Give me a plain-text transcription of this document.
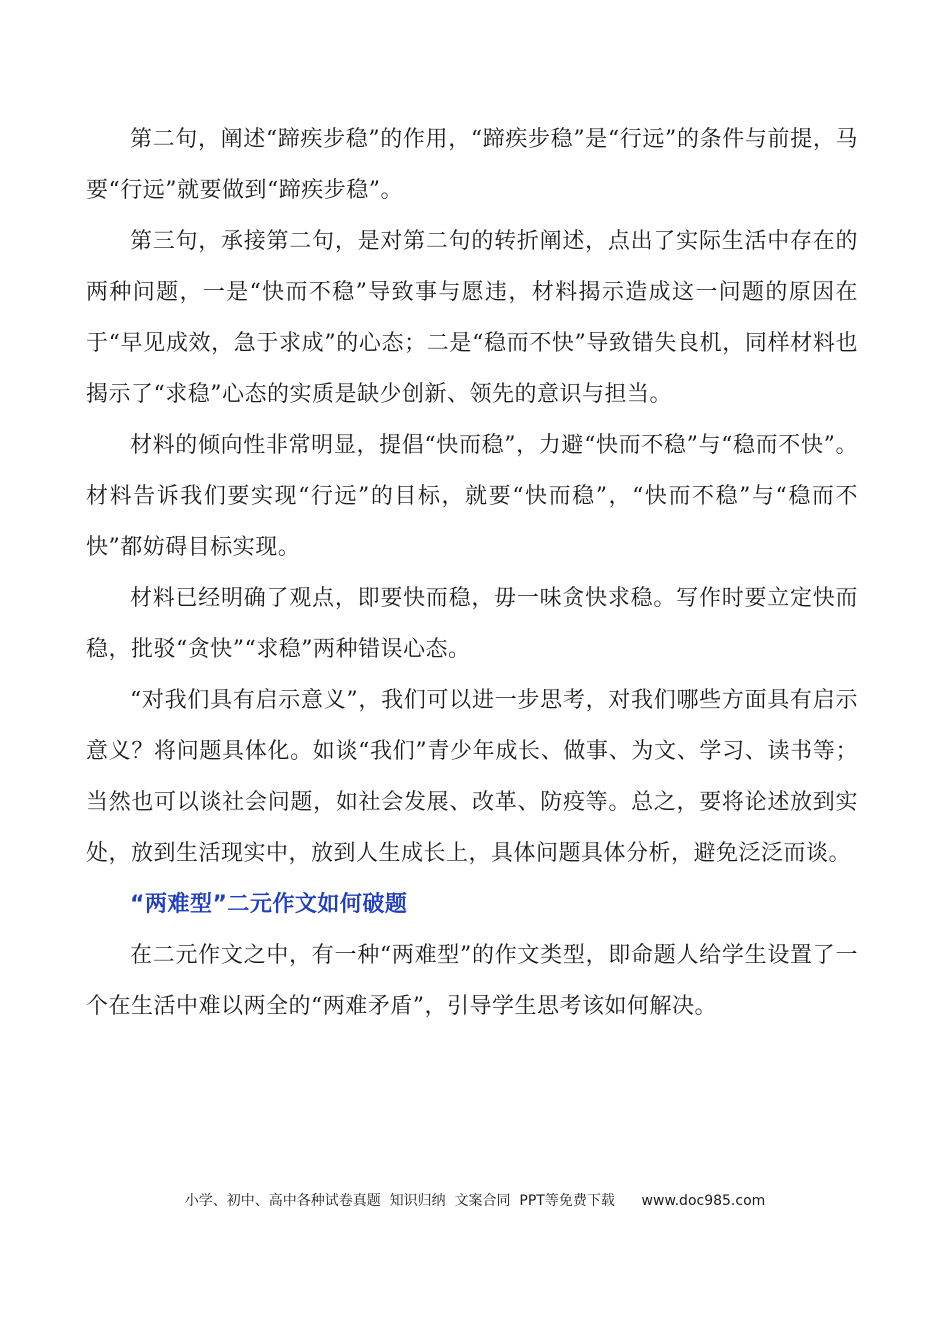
第二句，阐述“蹄疾步稳”的作用，“蹄疾步稳”是“行远”的条件与前提，马要“行远”就要做到“蹄疾步稳”。

第三句，承接第二句，是对第二句的转折阐述，点出了实际生活中存在的两种问题，一是“快而不稳”导致事与愿违，材料揭示造成这一问题的原因在于“早见成效，急于求成”的心态；二是“稳而不快”导致错失良机，同样材料也揭示了“求稳”心态的实质是缺少创新、领先的意识与担当。

材料的倾向性非常明显，提倡“快而稳”，力避“快而不稳”与“稳而不快”。材料告诉我们要实现“行远”的目标，就要“快而稳”，“快而不稳”与“稳而不快”都妨碍目标实现。

材料已经明确了观点，即要快而稳，毋一味贪快求稳。写作时要立定快而稳，批驳“贪快”“求稳”两种错误心态。

“对我们具有启示意义”，我们可以进一步思考，对我们哪些方面具有启示意义？将问题具体化。如谈“我们”青少年成长、做事、为文、学习、读书等；当然也可以谈社会问题，如社会发展、改革、防疫等。总之，要将论述放到实处，放到生活现实中，放到人生成长上，具体问题具体分析，避免泛泛而谈。

“两难型”二元作文如何破题

在二元作文之中，有一种“两难型”的作文类型，即命题人给学生设置了一个在生活中难以两全的“两难矛盾”，引导学生思考该如何解决。

小学、初中、高中各种试卷真题  知识归纳  文案合同  PPT等免费下载      www.doc985.com
